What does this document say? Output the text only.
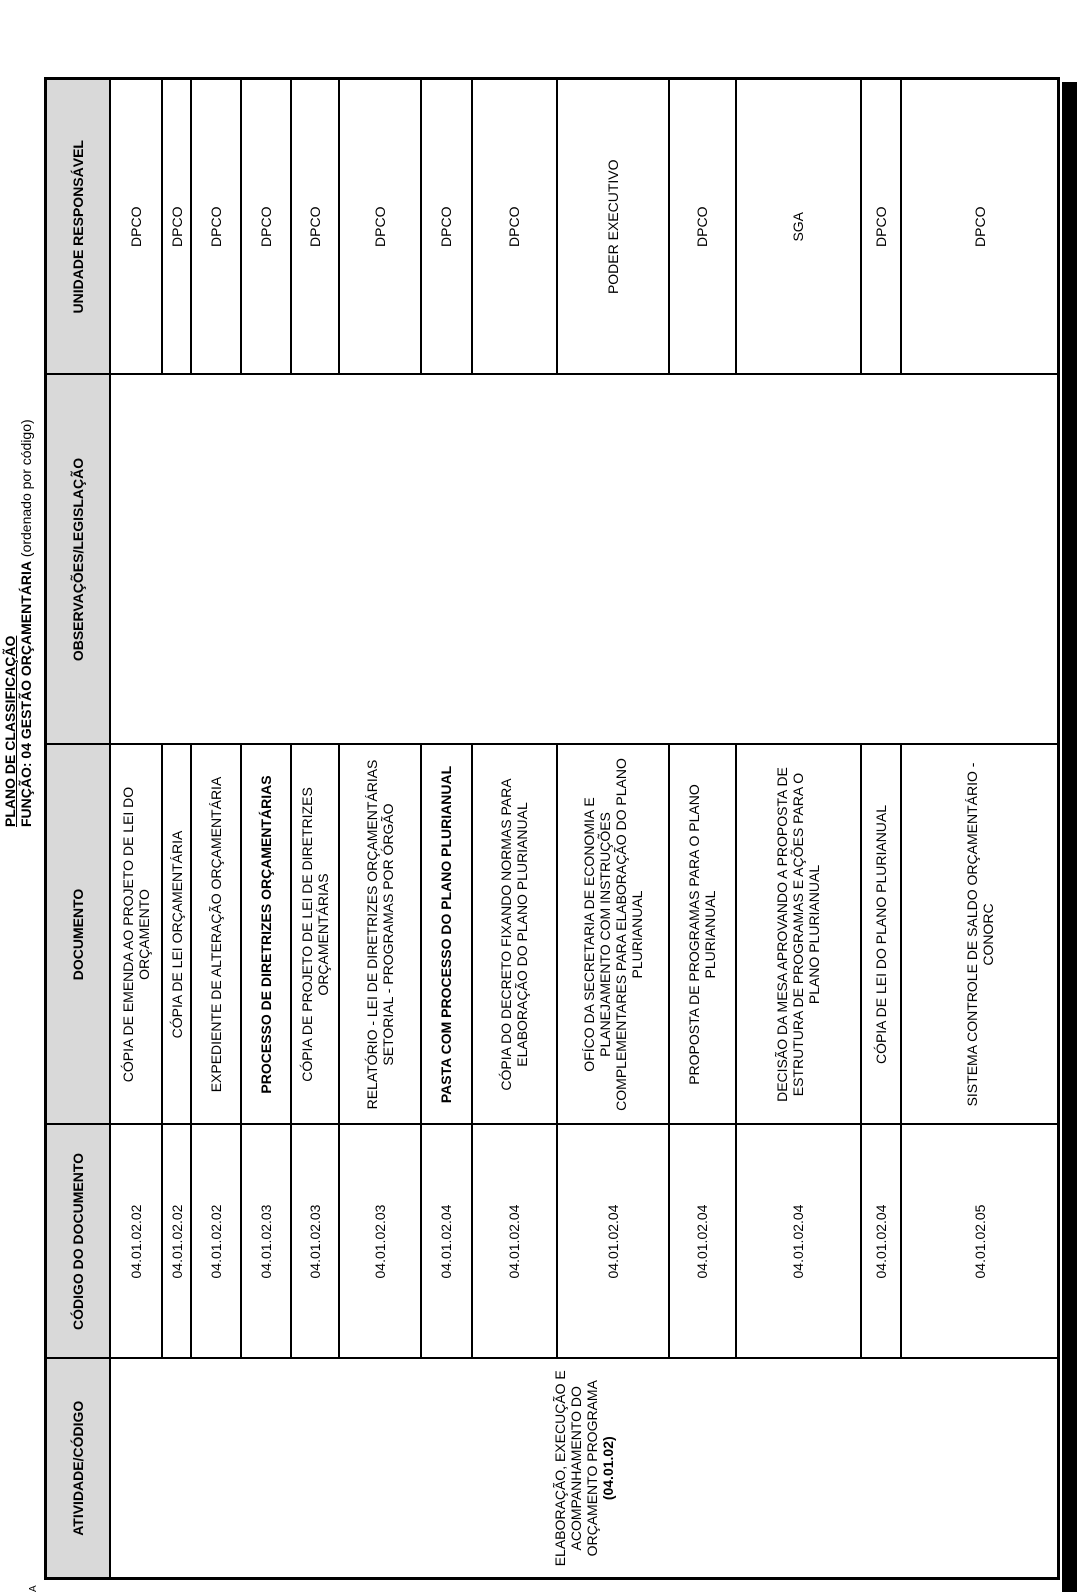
PLANO DE CLASSIFICAÇÃO FUNÇÃO: 04 GESTÃO ORÇAMENTÁRIA (ordenado por código)
A
ATIVIDADE/CÓDIGO	CÓDIGO DO DOCUMENTO	DOCUMENTO	OBSERVAÇÕES/LEGISLAÇÃO	UNIDADE RESPONSÁVEL
ELABORAÇÃO, EXECUÇÃO E ACOMPANHAMENTO DO ORÇAMENTO PROGRAMA (04.01.02)	04.01.02.02	CÓPIA DE EMENDA AO PROJETO DE LEI DO ORÇAMENTO		DPCO
	04.01.02.02	CÓPIA DE LEI ORÇAMENTÁRIA		DPCO
	04.01.02.02	EXPEDIENTE DE ALTERAÇÃO ORÇAMENTÁRIA		DPCO
	04.01.02.03	PROCESSO DE DIRETRIZES ORÇAMENTÁRIAS		DPCO
	04.01.02.03	CÓPIA DE PROJETO DE LEI DE DIRETRIZES ORÇAMENTÁRIAS		DPCO
	04.01.02.03	RELATÓRIO - LEI DE DIRETRIZES ORÇAMENTÁRIAS SETORIAL - PROGRAMAS POR ÓRGÃO		DPCO
	04.01.02.04	PASTA COM PROCESSO DO PLANO PLURIANUAL		DPCO
	04.01.02.04	CÓPIA DO DECRETO FIXANDO NORMAS PARA ELABORAÇÃO DO PLANO PLURIANUAL		DPCO
	04.01.02.04	OFÍCO DA SECRETARIA DE ECONOMIA E PLANEJAMENTO COM INSTRUÇÕES COMPLEMENTARES PARA ELABORAÇÃO DO PLANO PLURIANUAL		PODER EXECUTIVO
	04.01.02.04	PROPOSTA DE PROGRAMAS PARA O PLANO PLURIANUAL		DPCO
	04.01.02.04	DECISÃO DA MESA APROVANDO A PROPOSTA DE ESTRUTURA DE PROGRAMAS E AÇÕES PARA O PLANO PLURIANUAL		SGA
	04.01.02.04	CÓPIA DE LEI DO PLANO PLURIANUAL		DPCO
	04.01.02.05	SISTEMA CONTROLE DE SALDO ORÇAMENTÁRIO - CONORC		DPCO
